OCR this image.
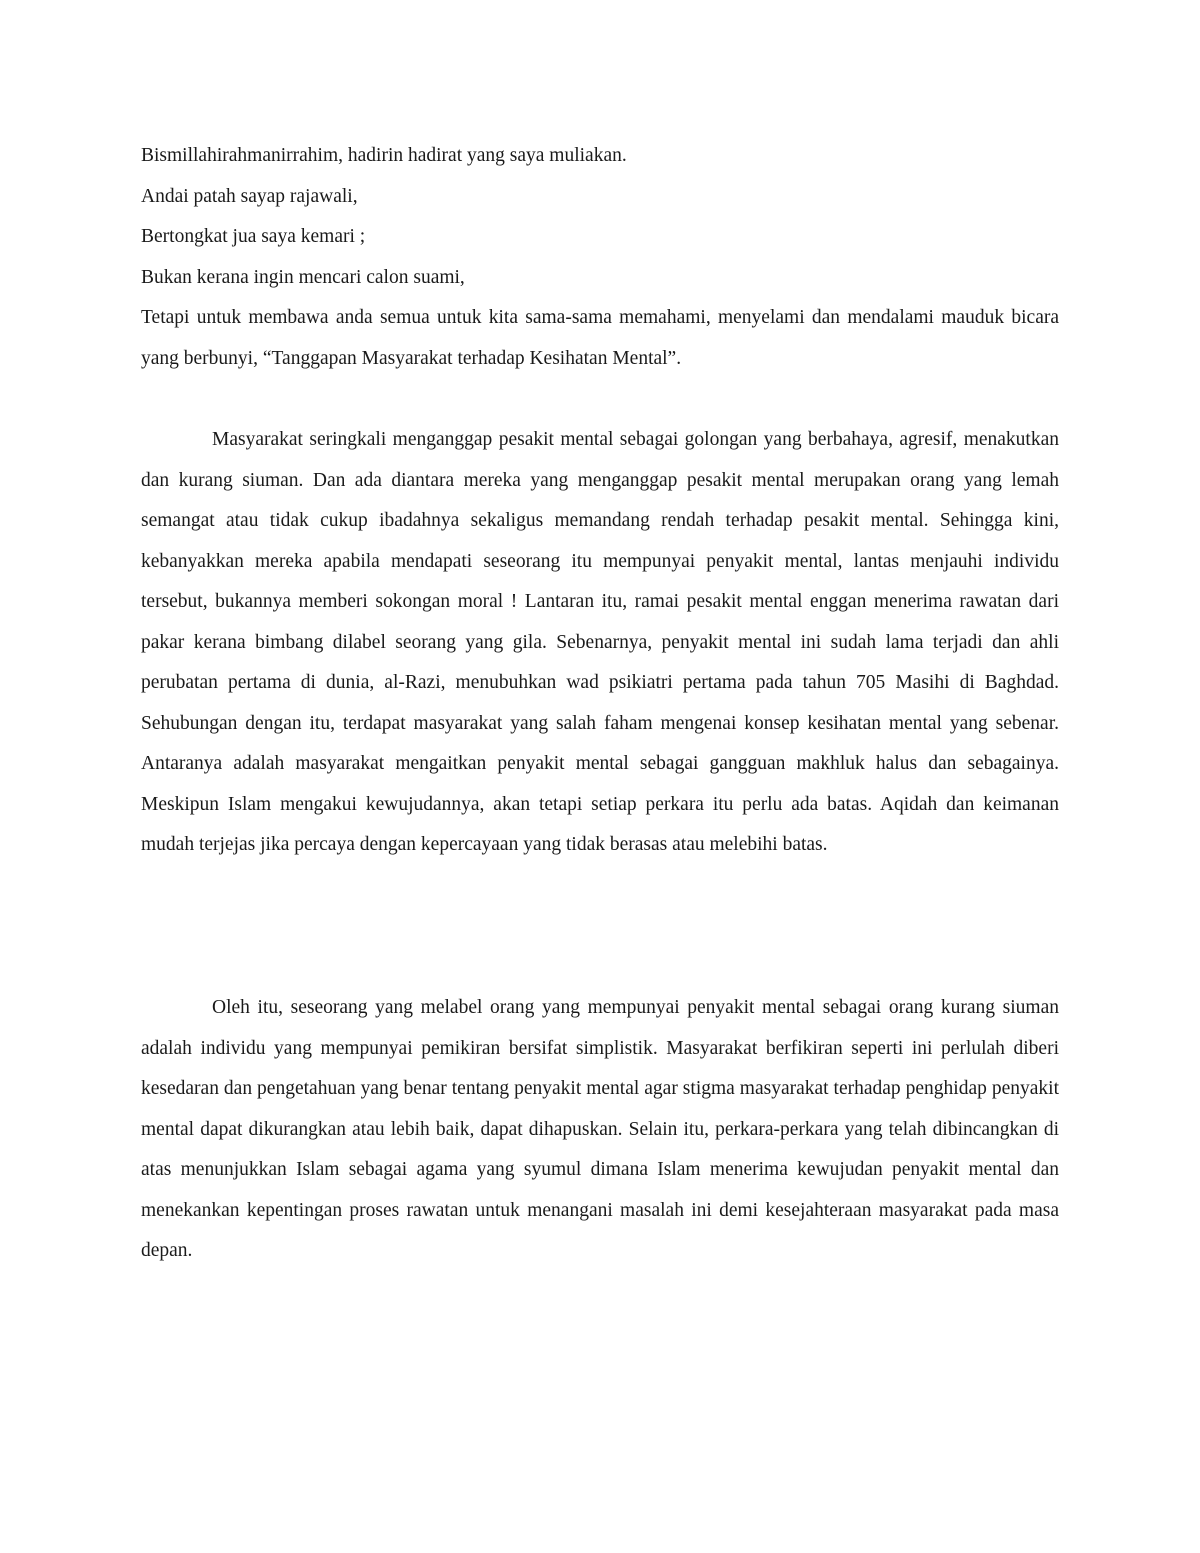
Bismillahirahmanirrahim, hadirin hadirat yang saya muliakan.

Andai patah sayap rajawali,

Bertongkat jua saya kemari ;

Bukan kerana ingin mencari calon suami,

Tetapi untuk membawa anda semua untuk kita sama-sama memahami, menyelami dan mendalami mauduk bicara yang berbunyi, “Tanggapan Masyarakat terhadap Kesihatan Mental”.

Masyarakat seringkali menganggap pesakit mental sebagai golongan yang berbahaya, agresif, menakutkan dan kurang siuman. Dan ada diantara mereka yang menganggap pesakit mental merupakan orang yang lemah semangat atau tidak cukup ibadahnya sekaligus memandang rendah terhadap pesakit mental. Sehingga kini, kebanyakkan mereka apabila mendapati seseorang itu mempunyai penyakit mental, lantas menjauhi individu tersebut, bukannya memberi sokongan moral ! Lantaran itu, ramai pesakit mental enggan menerima rawatan dari pakar kerana bimbang dilabel seorang yang gila. Sebenarnya, penyakit mental ini sudah lama terjadi dan ahli perubatan pertama di dunia, al-Razi, menubuhkan wad psikiatri pertama pada tahun 705 Masihi di Baghdad. Sehubungan dengan itu, terdapat masyarakat yang salah faham mengenai konsep kesihatan mental yang sebenar. Antaranya adalah masyarakat mengaitkan penyakit mental sebagai gangguan makhluk halus dan sebagainya. Meskipun Islam mengakui kewujudannya, akan tetapi setiap perkara itu perlu ada batas. Aqidah dan keimanan mudah terjejas jika percaya dengan kepercayaan yang tidak berasas atau melebihi batas.

Oleh itu, seseorang yang melabel orang yang mempunyai penyakit mental sebagai orang kurang siuman adalah individu yang mempunyai pemikiran bersifat simplistik. Masyarakat berfikiran seperti ini perlulah diberi kesedaran dan pengetahuan yang benar tentang penyakit mental agar stigma masyarakat terhadap penghidap penyakit mental dapat dikurangkan atau lebih baik, dapat dihapuskan. Selain itu, perkara-perkara yang telah dibincangkan di atas menunjukkan Islam sebagai agama yang syumul dimana Islam menerima kewujudan penyakit mental dan menekankan kepentingan proses rawatan untuk menangani masalah ini demi kesejahteraan masyarakat pada masa depan.
